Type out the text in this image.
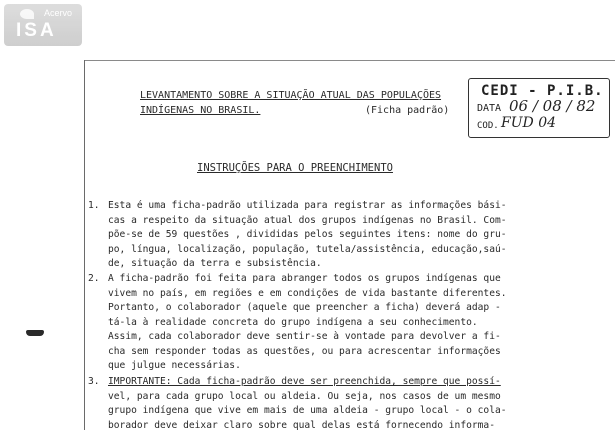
Acervo
ISA
CEDI - P.I.B.
DATA 06 / 08 / 82
COD. FUD 04
LEVANTAMENTO SOBRE A SITUAÇÃO ATUAL DAS POPULAÇÕES
INDÍGENAS NO BRASIL.	(Ficha padrão)
INSTRUÇÕES PARA O PREENCHIMENTO
1. Esta é uma ficha-padrão utilizada para registrar as informações bási-
cas a respeito da situação atual dos grupos indígenas no Brasil. Com-
põe-se de 59 questões , divididas pelos seguintes itens: nome do gru-
po, língua, localização, população, tutela/assistência, educação,saú-
de, situação da terra e subsistência.
2. A ficha-padrão foi feita para abranger todos os grupos indígenas que
vivem no país, em regiões e em condições de vida bastante diferentes.
Portanto, o colaborador (aquele que preencher a ficha) deverá adap -
tá-la à realidade concreta do grupo indígena a seu conhecimento.
Assim, cada colaborador deve sentir-se à vontade para devolver a fi-
cha sem responder todas as questões, ou para acrescentar informações
que julgue necessárias.
3. IMPORTANTE: Cada ficha-padrão deve ser preenchida, sempre que possí-
vel, para cada grupo local ou aldeia. Ou seja, nos casos de um mesmo
grupo indígena que vive em mais de uma aldeia - grupo local - o cola-
borador deve deixar claro sobre qual delas está fornecendo informa-
